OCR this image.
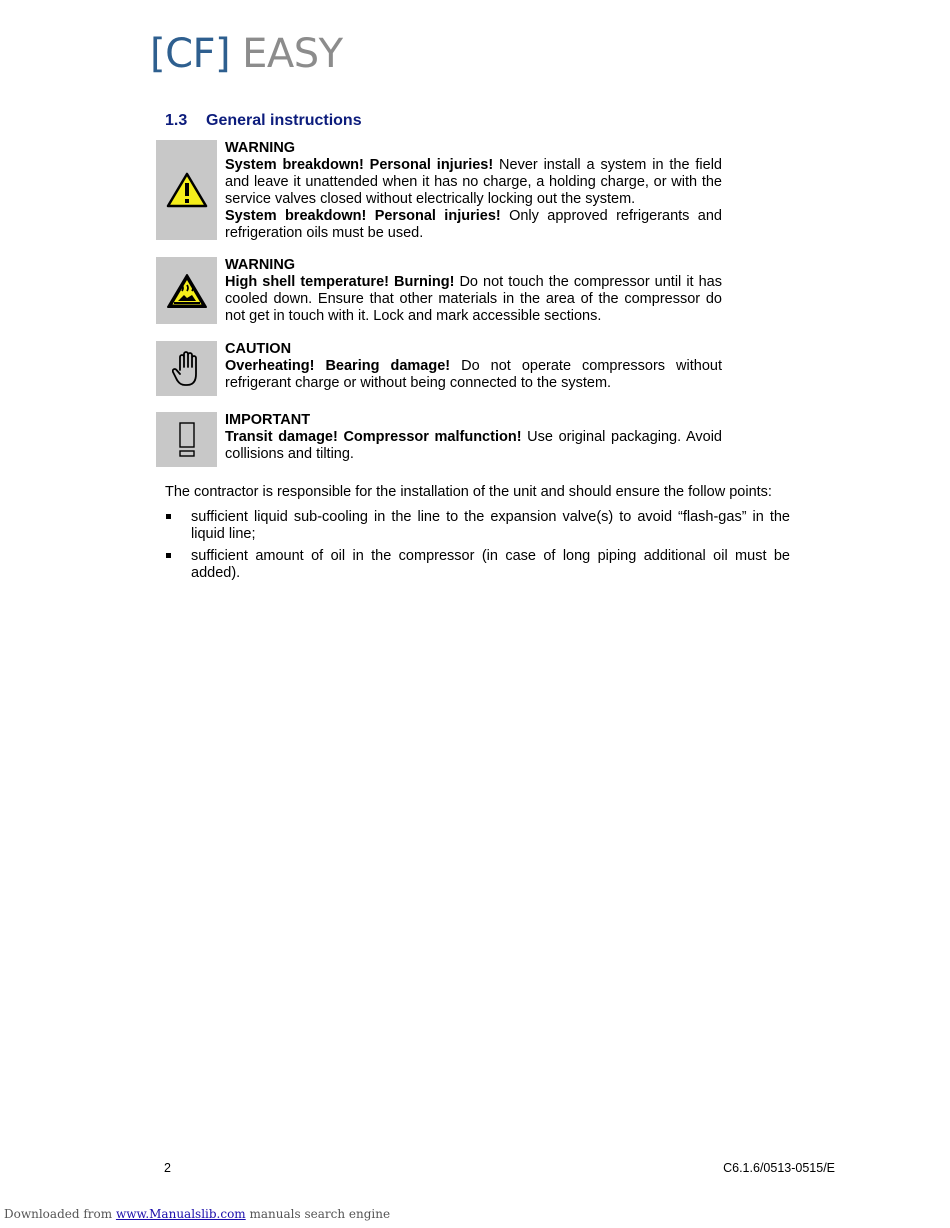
[CF] EASY
1.3 General instructions
WARNING

System breakdown! Personal injuries! Never install a system in the field and leave it unattended when it has no charge, a holding charge, or with the service valves closed without electrically locking out the system.

System breakdown! Personal injuries! Only approved refrigerants and refrigeration oils must be used.

WARNING

High shell temperature! Burning! Do not touch the compressor until it has cooled down. Ensure that other materials in the area of the compressor do not get in touch with it. Lock and mark accessible sections.

CAUTION

Overheating! Bearing damage! Do not operate compressors without refrigerant charge or without being connected to the system.

IMPORTANT

Transit damage! Compressor malfunction! Use original packaging. Avoid collisions and tilting.

The contractor is responsible for the installation of the unit and should ensure the follow points:
sufficient liquid sub-cooling in the line to the expansion valve(s) to avoid “flash-gas” in the liquid line;
sufficient amount of oil in the compressor (in case of long piping additional oil must be added).
2	C6.1.6/0513-0515/E
Downloaded from www.Manualslib.com manuals search engine
